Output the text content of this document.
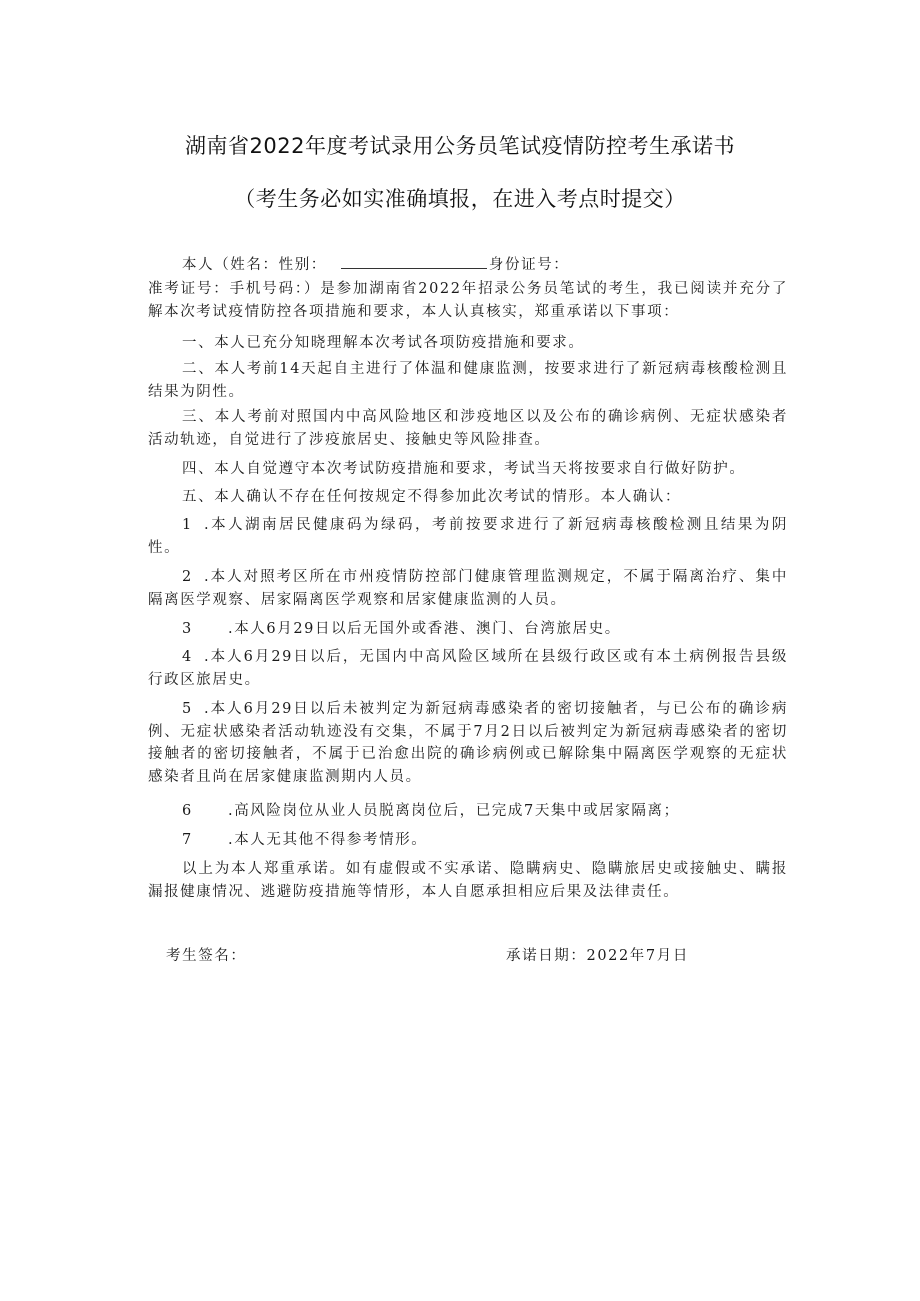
湖南省2022年度考试录用公务员笔试疫情防控考生承诺书
（考生务必如实准确填报，在进入考点时提交）
本人（姓名：性别：	身份证号：
准考证号：手机号码：）是参加湖南省2022年招录公务员笔试的考生，我已阅读并充分了解本次考试疫情防控各项措施和要求，本人认真核实，郑重承诺以下事项：
一、本人已充分知晓理解本次考试各项防疫措施和要求。
二、本人考前14天起自主进行了体温和健康监测，按要求进行了新冠病毒核酸检测且结果为阴性。
三、本人考前对照国内中高风险地区和涉疫地区以及公布的确诊病例、无症状感染者活动轨迹，自觉进行了涉疫旅居史、接触史等风险排查。
四、本人自觉遵守本次考试防疫措施和要求，考试当天将按要求自行做好防护。
五、本人确认不存在任何按规定不得参加此次考试的情形。本人确认：
1 .本人湖南居民健康码为绿码，考前按要求进行了新冠病毒核酸检测且结果为阴性。
2 .本人对照考区所在市州疫情防控部门健康管理监测规定，不属于隔离治疗、集中隔离医学观察、居家隔离医学观察和居家健康监测的人员。
3 .本人6月29日以后无国外或香港、澳门、台湾旅居史。
4 .本人6月29日以后，无国内中高风险区域所在县级行政区或有本土病例报告县级行政区旅居史。
5 .本人6月29日以后未被判定为新冠病毒感染者的密切接触者，与已公布的确诊病例、无症状感染者活动轨迹没有交集，不属于7月2日以后被判定为新冠病毒感染者的密切接触者的密切接触者，不属于已治愈出院的确诊病例或已解除集中隔离医学观察的无症状感染者且尚在居家健康监测期内人员。
6 .高风险岗位从业人员脱离岗位后，已完成7天集中或居家隔离；
7 .本人无其他不得参考情形。
以上为本人郑重承诺。如有虚假或不实承诺、隐瞒病史、隐瞒旅居史或接触史、瞒报漏报健康情况、逃避防疫措施等情形，本人自愿承担相应后果及法律责任。
考生签名：	承诺日期：2022年7月日
